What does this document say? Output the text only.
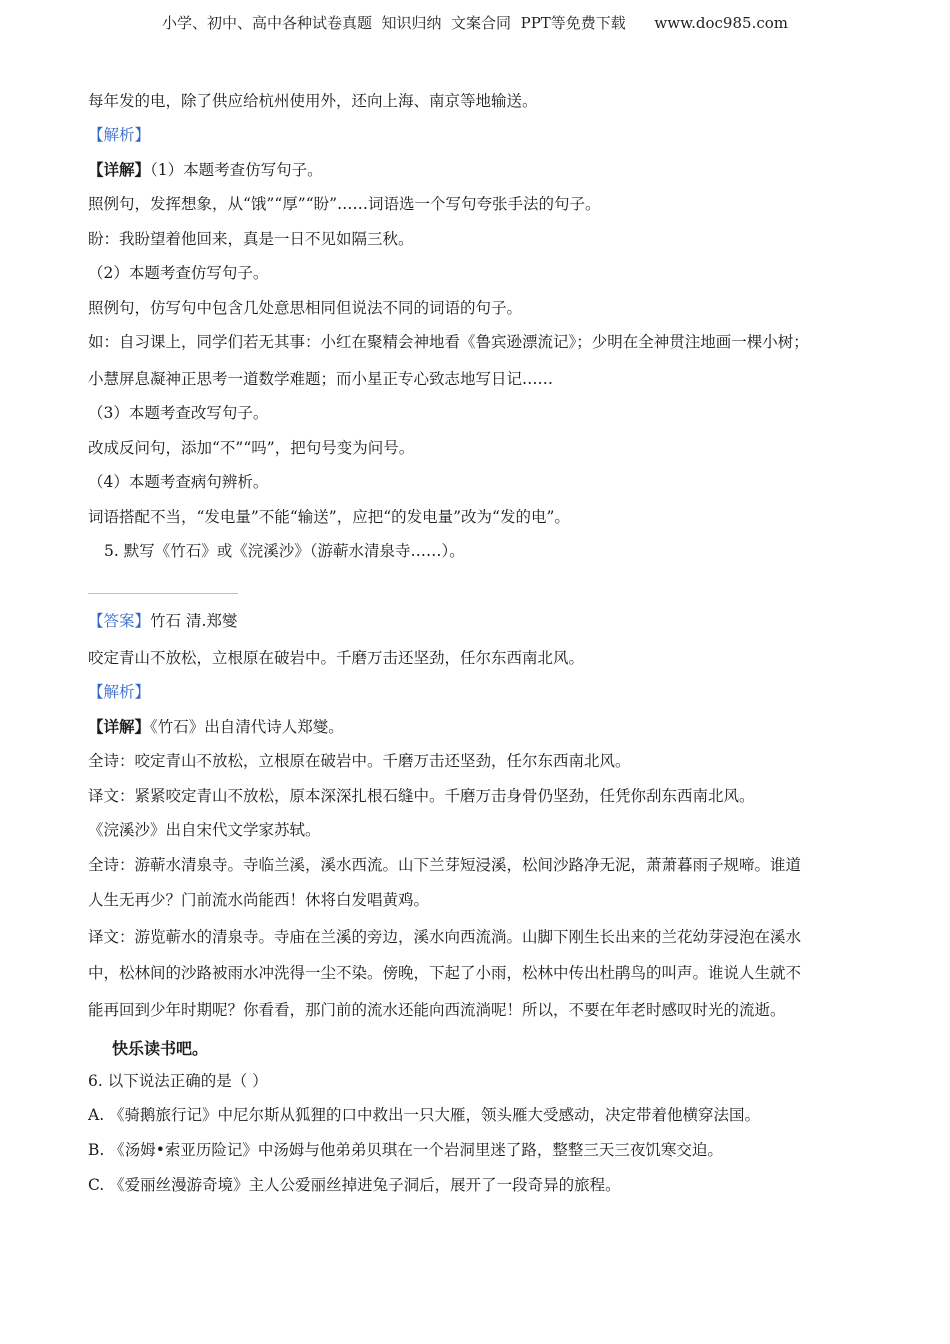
小学、初中、高中各种试卷真题  知识归纳  文案合同  PPT等免费下载      www.doc985.com
每年发的电，除了供应给杭州使用外，还向上海、南京等地输送。
【解析】
【详解】（1）本题考查仿写句子。
照例句，发挥想象，从“饿”“厚”“盼”……词语选一个写句夸张手法的句子。
盼：我盼望着他回来，真是一日不见如隔三秋。
（2）本题考查仿写句子。
照例句，仿写句中包含几处意思相同但说法不同的词语的句子。
如：自习课上，同学们若无其事：小红在聚精会神地看《鲁宾逊漂流记》；少明在全神贯注地画一棵小树；
小慧屏息凝神正思考一道数学难题；而小星正专心致志地写日记……
（3）本题考查改写句子。
改成反问句，添加“不”“吗”，把句号变为问号。
（4）本题考查病句辨析。
词语搭配不当，“发电量”不能“输送”，应把“的发电量”改为“发的电”。
5. 默写《竹石》或《浣溪沙》（游蕲水清泉寺……）。
【答案】竹石 清.郑燮
咬定青山不放松，立根原在破岩中。千磨万击还坚劲，任尔东西南北风。
【解析】
【详解】《竹石》出自清代诗人郑燮。
全诗：咬定青山不放松，立根原在破岩中。千磨万击还坚劲，任尔东西南北风。
译文：紧紧咬定青山不放松，原本深深扎根石缝中。千磨万击身骨仍坚劲，任凭你刮东西南北风。
《浣溪沙》出自宋代文学家苏轼。
全诗：游蕲水清泉寺。寺临兰溪，溪水西流。山下兰芽短浸溪，松间沙路净无泥，萧萧暮雨子规啼。谁道
人生无再少？门前流水尚能西！休将白发唱黄鸡。
译文：游览蕲水的清泉寺。寺庙在兰溪的旁边，溪水向西流淌。山脚下刚生长出来的兰花幼芽浸泡在溪水
中，松林间的沙路被雨水冲洗得一尘不染。傍晚，下起了小雨，松林中传出杜鹃鸟的叫声。谁说人生就不
能再回到少年时期呢？你看看，那门前的流水还能向西流淌呢！所以，不要在年老时感叹时光的流逝。
快乐读书吧。
6. 以下说法正确的是（ ）
A. 《骑鹅旅行记》中尼尔斯从狐狸的口中救出一只大雁，领头雁大受感动，决定带着他横穿法国。
B. 《汤姆•索亚历险记》中汤姆与他弟弟贝琪在一个岩洞里迷了路，整整三天三夜饥寒交迫。
C. 《爱丽丝漫游奇境》主人公爱丽丝掉进兔子洞后，展开了一段奇异的旅程。
